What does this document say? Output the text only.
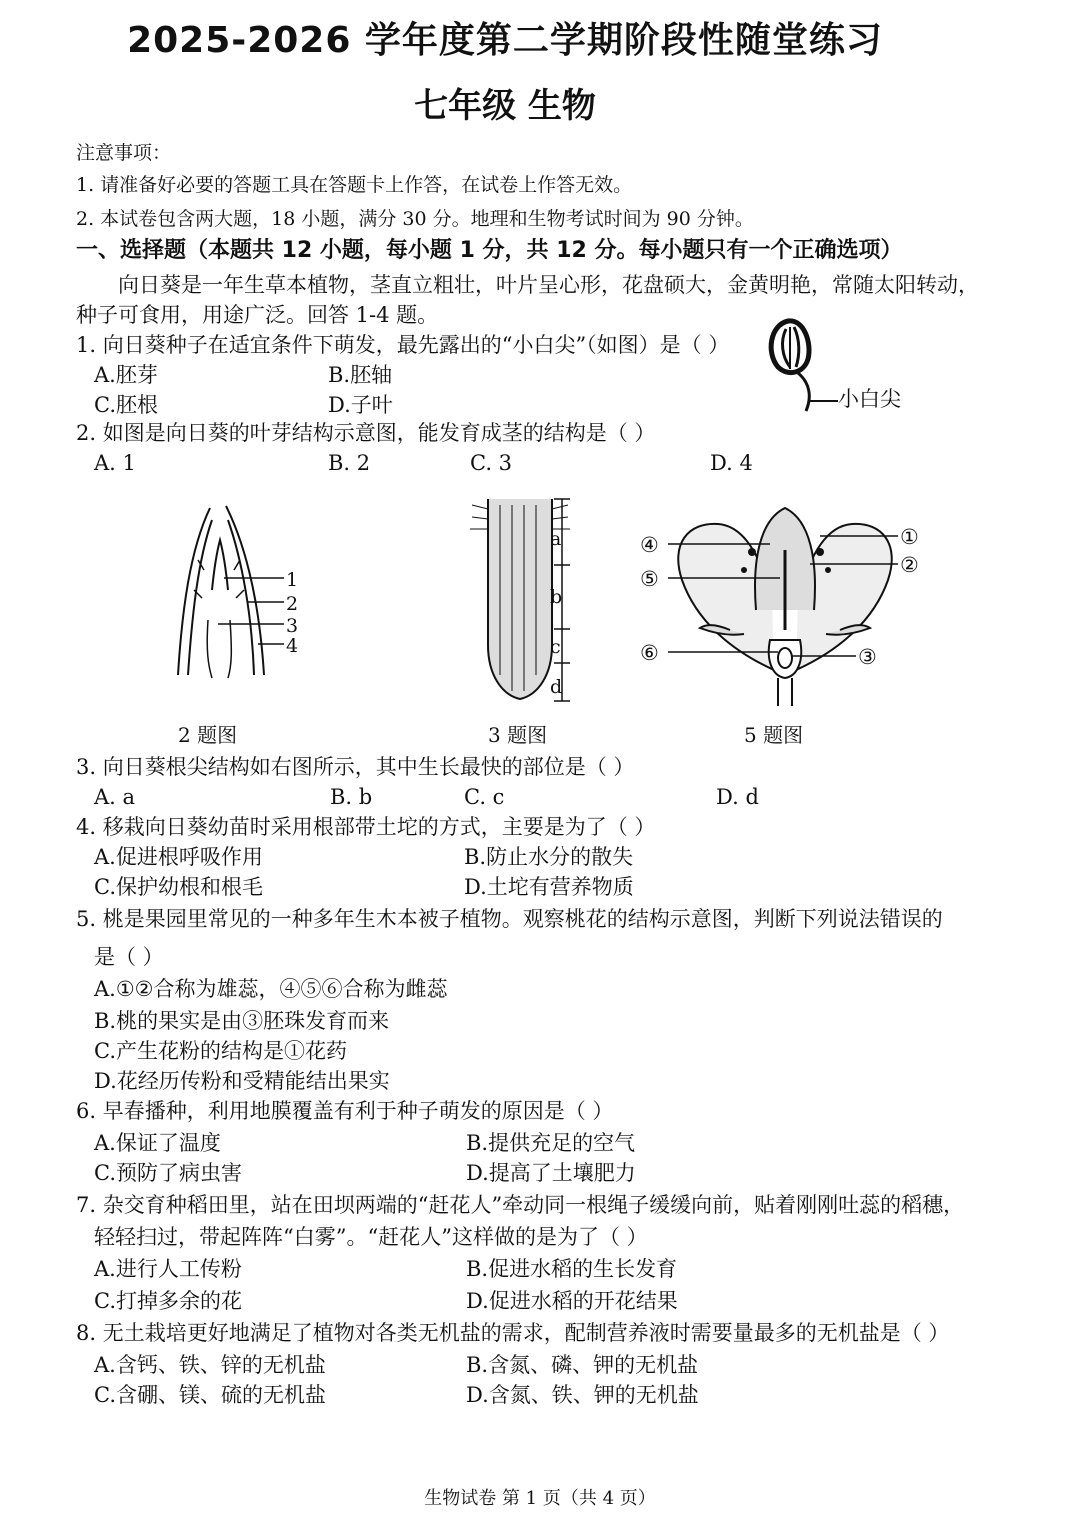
2025-2026 学年度第二学期阶段性随堂练习
七年级 生物
注意事项：
1. 请准备好必要的答题工具在答题卡上作答，在试卷上作答无效。
2. 本试卷包含两大题，18 小题，满分 30 分。地理和生物考试时间为 90 分钟。
一、选择题（本题共 12 小题，每小题 1 分，共 12 分。每小题只有一个正确选项）
向日葵是一年生草本植物，茎直立粗壮，叶片呈心形，花盘硕大，金黄明艳，常随太阳转动，
种子可食用，用途广泛。回答 1-4 题。
1. 向日葵种子在适宜条件下萌发，最先露出的“小白尖”（如图）是（ ）
A.胚芽	B.胚轴
C.胚根	D.子叶	小白尖
2. 如图是向日葵的叶芽结构示意图，能发育成茎的结构是（ ）
A. 1	B. 2	C. 3	D. 4
1
2
3
4
a
b
c
d
④
⑤
⑥
①
②
③
2 题图	3 题图	5 题图
3. 向日葵根尖结构如右图所示，其中生长最快的部位是（ ）
A. a	B. b	C. c	D. d
4. 移栽向日葵幼苗时采用根部带土坨的方式，主要是为了（ ）
A.促进根呼吸作用	B.防止水分的散失
C.保护幼根和根毛	D.土坨有营养物质
5. 桃是果园里常见的一种多年生木本被子植物。观察桃花的结构示意图，判断下列说法错误的
是（ ）
A.①②合称为雄蕊，④⑤⑥合称为雌蕊
B.桃的果实是由③胚珠发育而来
C.产生花粉的结构是①花药
D.花经历传粉和受精能结出果实
6. 早春播种，利用地膜覆盖有利于种子萌发的原因是（ ）
A.保证了温度	B.提供充足的空气
C.预防了病虫害	D.提高了土壤肥力
7. 杂交育种稻田里，站在田坝两端的“赶花人”牵动同一根绳子缓缓向前，贴着刚刚吐蕊的稻穗，
轻轻扫过，带起阵阵“白雾”。“赶花人”这样做的是为了（ ）
A.进行人工传粉	B.促进水稻的生长发育
C.打掉多余的花	D.促进水稻的开花结果
8. 无土栽培更好地满足了植物对各类无机盐的需求，配制营养液时需要量最多的无机盐是（ ）
A.含钙、铁、锌的无机盐	B.含氮、磷、钾的无机盐
C.含硼、镁、硫的无机盐	D.含氮、铁、钾的无机盐
生物试卷 第 1 页（共 4 页）
